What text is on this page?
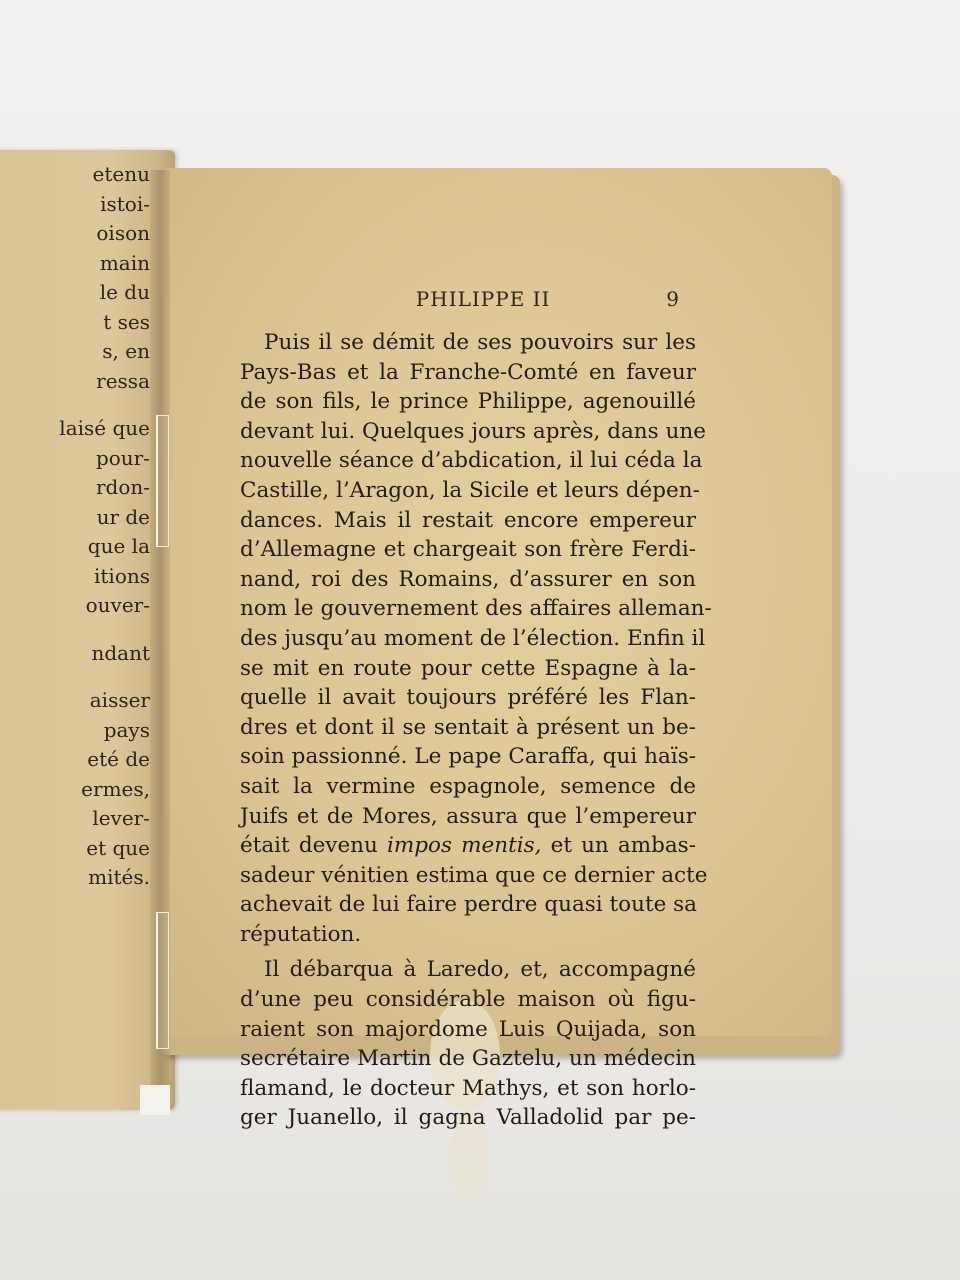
etenu
istoi-
oison
main
le du
t ses
s, en
ressa
laisé que
pour-
rdon-
ur de
que la
itions
ouver-
ndant
aisser
pays
eté de
ermes,
lever-
et que
mités.
PHILIPPE II	9
Puis il se démit de ses pouvoirs sur les
Pays-Bas et la Franche-Comté en faveur
de son fils, le prince Philippe, agenouillé
devant lui. Quelques jours après, dans une
nouvelle séance d’abdication, il lui céda la
Castille, l’Aragon, la Sicile et leurs dépen-
dances. Mais il restait encore empereur
d’Allemagne et chargeait son frère Ferdi-
nand, roi des Romains, d’assurer en son
nom le gouvernement des affaires alleman-
des jusqu’au moment de l’élection. Enfin il
se mit en route pour cette Espagne à la-
quelle il avait toujours préféré les Flan-
dres et dont il se sentait à présent un be-
soin passionné. Le pape Caraffa, qui haïs-
sait la vermine espagnole, semence de
Juifs et de Mores, assura que l’empereur
était devenu impos mentis, et un ambas-
sadeur vénitien estima que ce dernier acte
achevait de lui faire perdre quasi toute sa
réputation.
Il débarqua à Laredo, et, accompagné
d’une peu considérable maison où figu-
raient son majordome Luis Quijada, son
secrétaire Martin de Gaztelu, un médecin
flamand, le docteur Mathys, et son horlo-
ger Juanello, il gagna Valladolid par pe-
